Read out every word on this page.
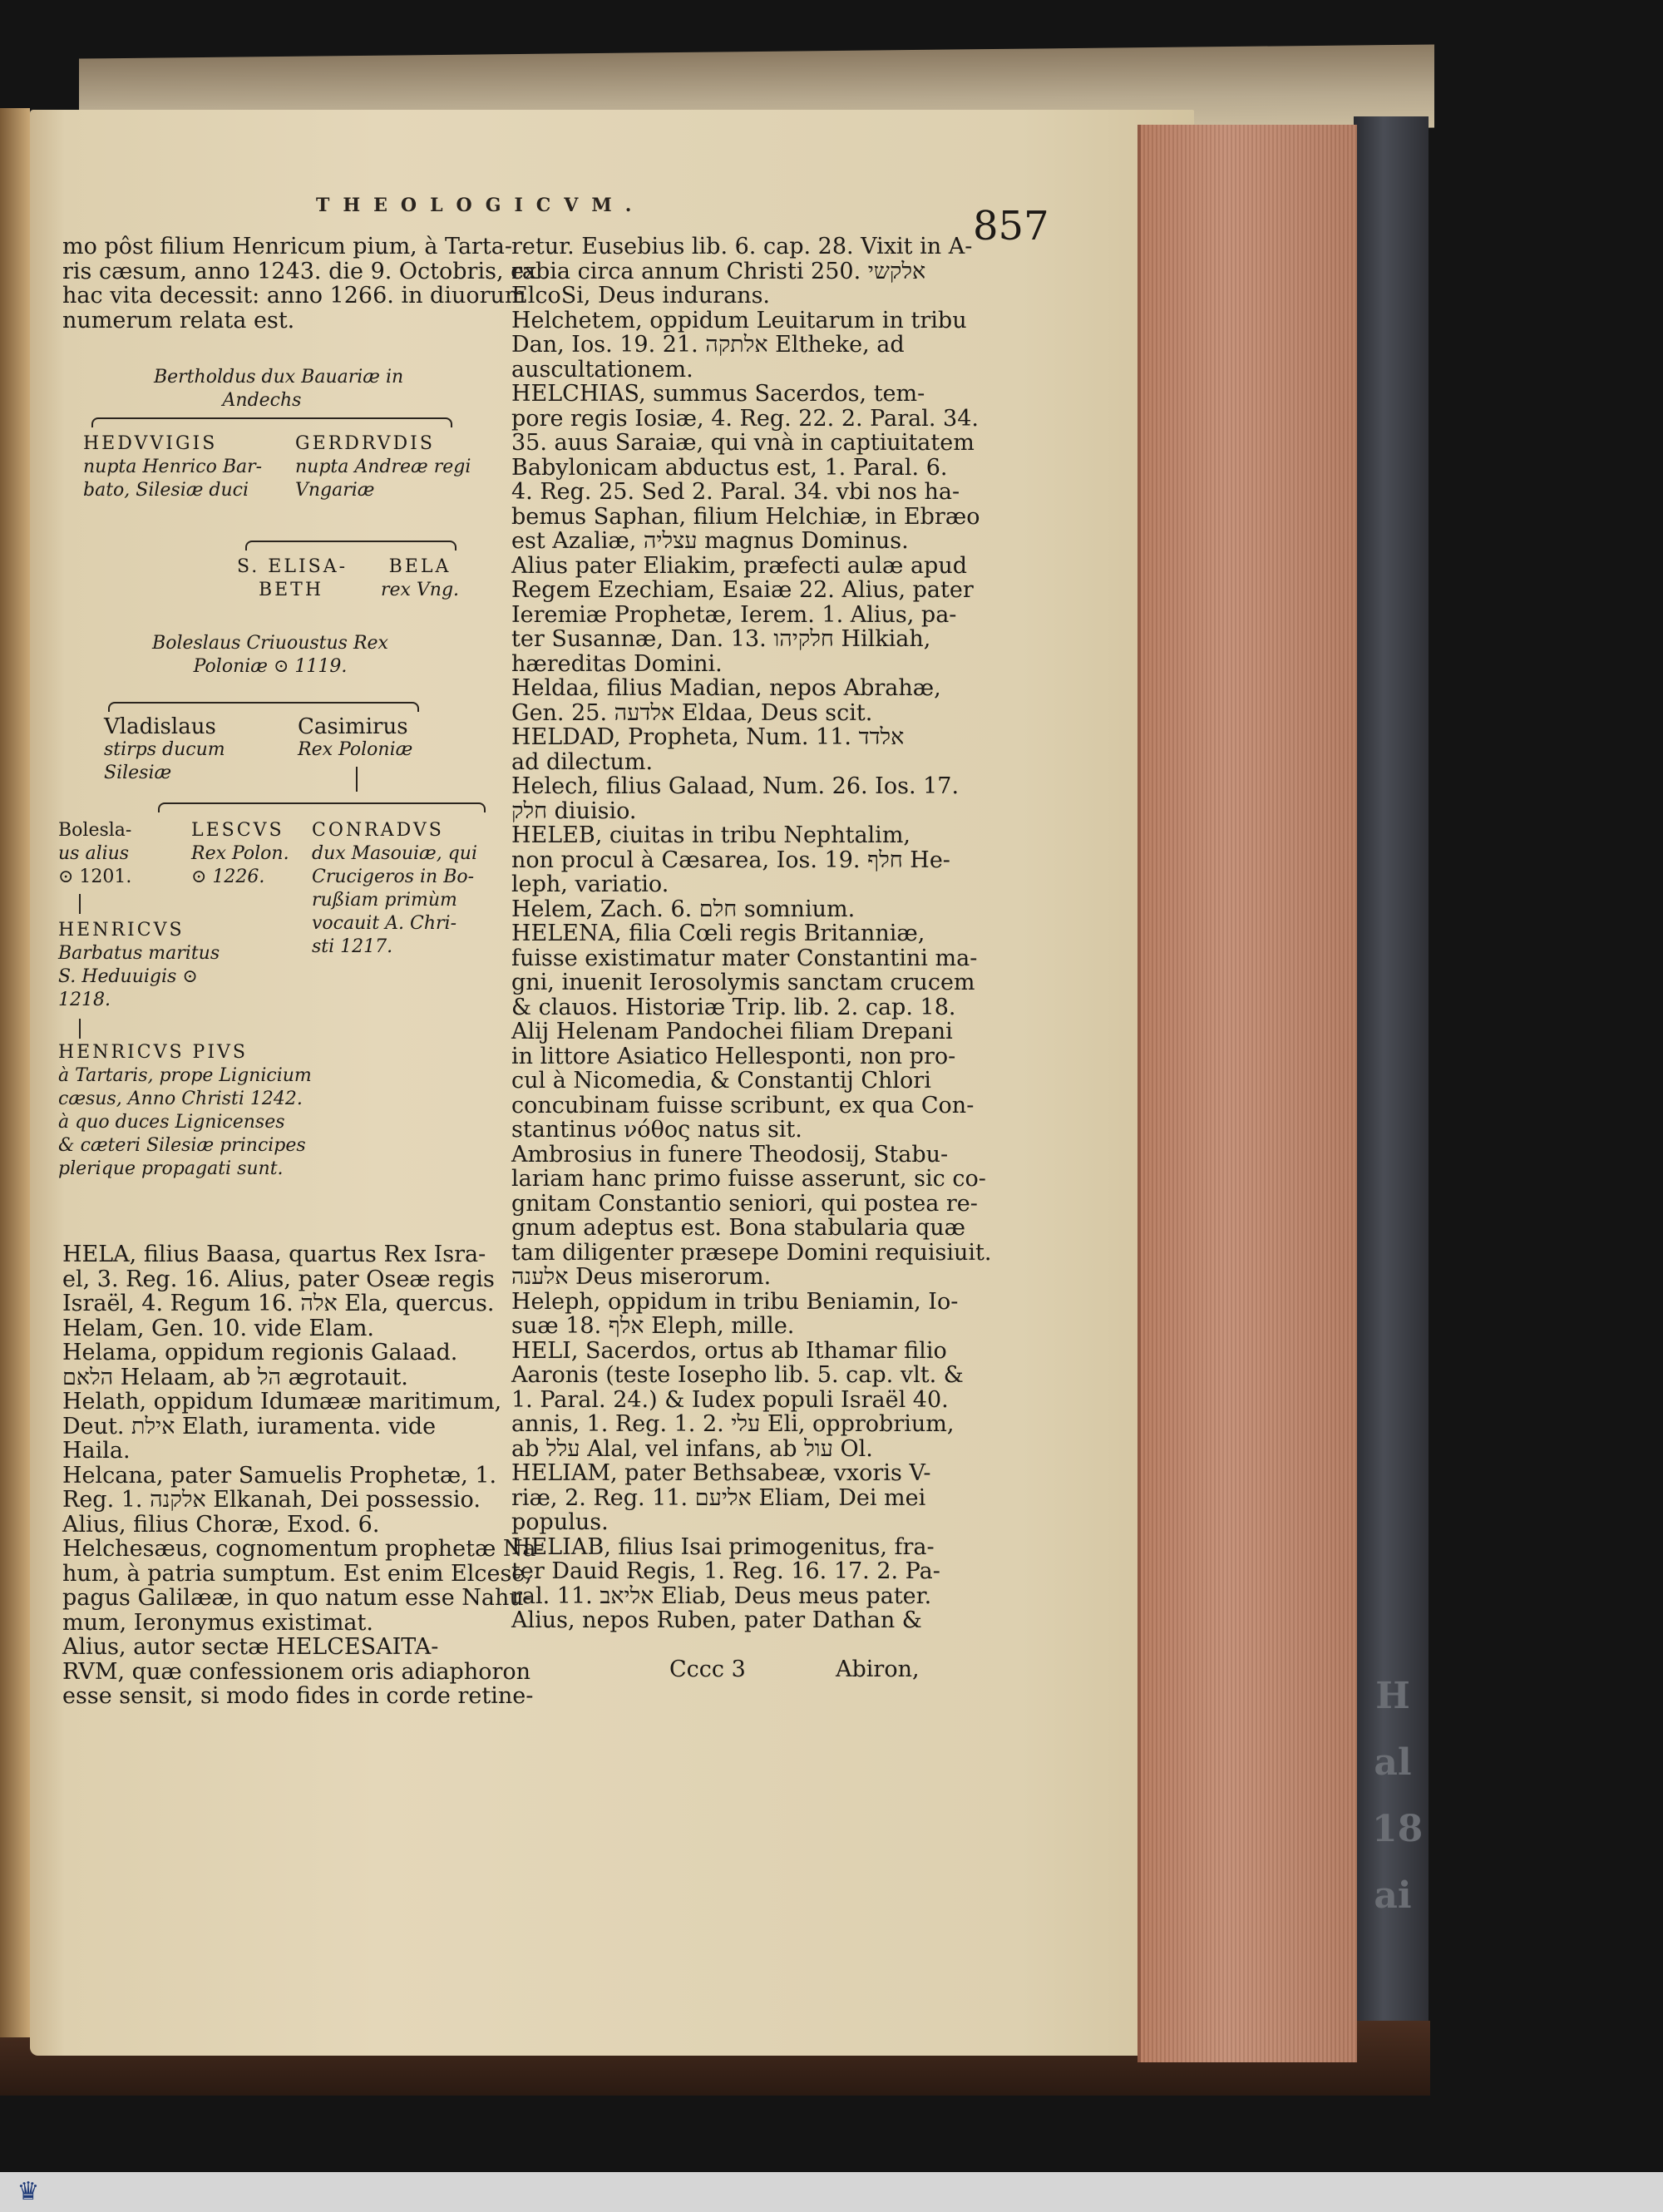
H
al
18
ai
THEOLOGICVM.	857
mo pôst filium Henricum pium, à Tarta-
ris cæsum, anno 1243. die 9. Octobris, ex
hac vita decessit: anno 1266. in diuorum
numerum relata est.
Bertholdus dux Bauariæ in
Andechs
HEDVVIGIS
nupta Henrico Bar-
bato, Silesiæ duci
GERDRVDIS
nupta Andreæ regi
Vngariæ
S. ELISA-
BETH
BELA
rex Vng.
Boleslaus Criuoustus Rex
Poloniæ ⊙ 1119.
Vladislaus
stirps ducum
Silesiæ
Casimirus
Rex Poloniæ
Bolesla-
us alius
⊙ 1201.
LESCVS
Rex Polon.
⊙ 1226.
CONRADVS
dux Masouiæ, qui
Crucigeros in Bo-
rußiam primùm
vocauit A. Chri-
sti 1217.
HENRICVS
Barbatus maritus
S. Heduuigis ⊙
1218.
HENRICVS PIVS
à Tartaris, prope Lignicium
cæsus, Anno Christi 1242.
à quo duces Lignicenses
& cæteri Silesiæ principes
plerique propagati sunt.
HELA, filius Baasa, quartus Rex Isra-
el, 3. Reg. 16. Alius, pater Oseæ regis
Israël, 4. Regum 16. אלה Ela, quercus.
Helam, Gen. 10. vide Elam.
Helama, oppidum regionis Galaad.
הלאם Helaam, ab הל ægrotauit.
Helath, oppidum Idumææ maritimum,
Deut. אילת Elath, iuramenta. vide
Haila.
Helcana, pater Samuelis Prophetæ, 1.
Reg. 1. אלקנה Elkanah, Dei possessio.
Alius, filius Choræ, Exod. 6.
Helchesæus, cognomentum prophetæ Na-
hum, à patria sumptum. Est enim Elcese,
pagus Galilææ, in quo natum esse Nahu-
mum, Ieronymus existimat.
Alius, autor sectæ HELCESAITA-
RVM, quæ confessionem oris adiaphoron
esse sensit, si modo fides in corde retine-
retur. Eusebius lib. 6. cap. 28. Vixit in A-
rabia circa annum Christi 250. אלקשי
ElcoSi, Deus indurans.
Helchetem, oppidum Leuitarum in tribu
Dan, Ios. 19. 21. אלתקה Eltheke, ad
auscultationem.
HELCHIAS, summus Sacerdos, tem-
pore regis Iosiæ, 4. Reg. 22. 2. Paral. 34.
35. auus Saraiæ, qui vnà in captiuitatem
Babylonicam abductus est, 1. Paral. 6.
4. Reg. 25. Sed 2. Paral. 34. vbi nos ha-
bemus Saphan, filium Helchiæ, in Ebræo
est Azaliæ, עצליה magnus Dominus.
Alius pater Eliakim, præfecti aulæ apud
Regem Ezechiam, Esaiæ 22. Alius, pater
Ieremiæ Prophetæ, Ierem. 1. Alius, pa-
ter Susannæ, Dan. 13. חלקיהו Hilkiah,
hæreditas Domini.
Heldaa, filius Madian, nepos Abrahæ,
Gen. 25. אלדעה Eldaa, Deus scit.
HELDAD, Propheta, Num. 11. אלדד
ad dilectum.
Helech, filius Galaad, Num. 26. Ios. 17.
חלק diuisio.
HELEB, ciuitas in tribu Nephtalim,
non procul à Cæsarea, Ios. 19. חלף He-
leph, variatio.
Helem, Zach. 6. חלם somnium.
HELENA, filia Cœli regis Britanniæ,
fuisse existimatur mater Constantini ma-
gni, inuenit Ierosolymis sanctam crucem
& clauos. Historiæ Trip. lib. 2. cap. 18.
Alij Helenam Pandochei filiam Drepani
in littore Asiatico Hellesponti, non pro-
cul à Nicomedia, & Constantij Chlori
concubinam fuisse scribunt, ex qua Con-
stantinus νόθος natus sit.
Ambrosius in funere Theodosij, Stabu-
lariam hanc primo fuisse asserunt, sic co-
gnitam Constantio seniori, qui postea re-
gnum adeptus est. Bona stabularia quæ
tam diligenter præsepe Domini requisiuit.
אלענה Deus miserorum.
Heleph, oppidum in tribu Beniamin, Io-
suæ 18. אלף Eleph, mille.
HELI, Sacerdos, ortus ab Ithamar filio
Aaronis (teste Iosepho lib. 5. cap. vlt. &
1. Paral. 24.) & Iudex populi Israël 40.
annis, 1. Reg. 1. 2. עלי Eli, opprobrium,
ab עלל Alal, vel infans, ab עול Ol.
HELIAM, pater Bethsabeæ, vxoris V-
riæ, 2. Reg. 11. אליעם Eliam, Dei mei
populus.
HELIAB, filius Isai primogenitus, fra-
ter Dauid Regis, 1. Reg. 16. 17. 2. Pa-
ral. 11. אליאב Eliab, Deus meus pater.
Alius, nepos Ruben, pater Dathan &
Cccc 3	Abiron,
♛
